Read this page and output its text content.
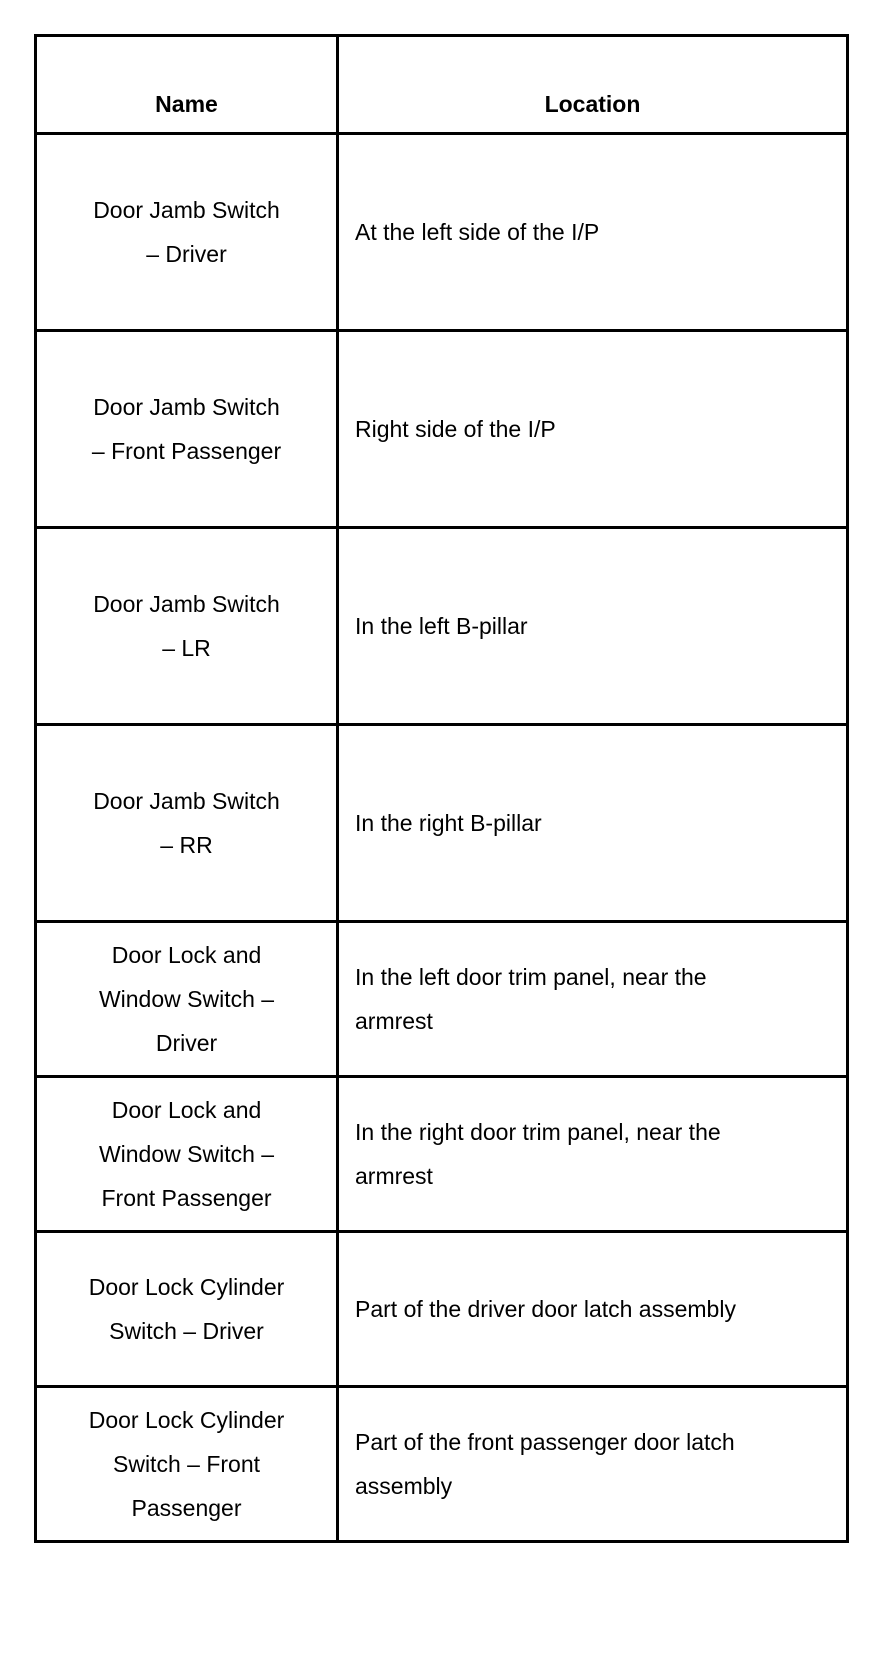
Name	Location

Door Jamb Switch
– Driver	At the left side of the I/P

Door Jamb Switch
– Front Passenger	Right side of the I/P

Door Jamb Switch
– LR	In the left B-pillar

Door Jamb Switch
– RR	In the right B-pillar

Door Lock and
Window Switch –
Driver	In the left door trim panel, near the armrest

Door Lock and
Window Switch –
Front Passenger	In the right door trim panel, near the armrest

Door Lock Cylinder
Switch – Driver	Part of the driver door latch assembly

Door Lock Cylinder
Switch – Front
Passenger	Part of the front passenger door latch assembly
